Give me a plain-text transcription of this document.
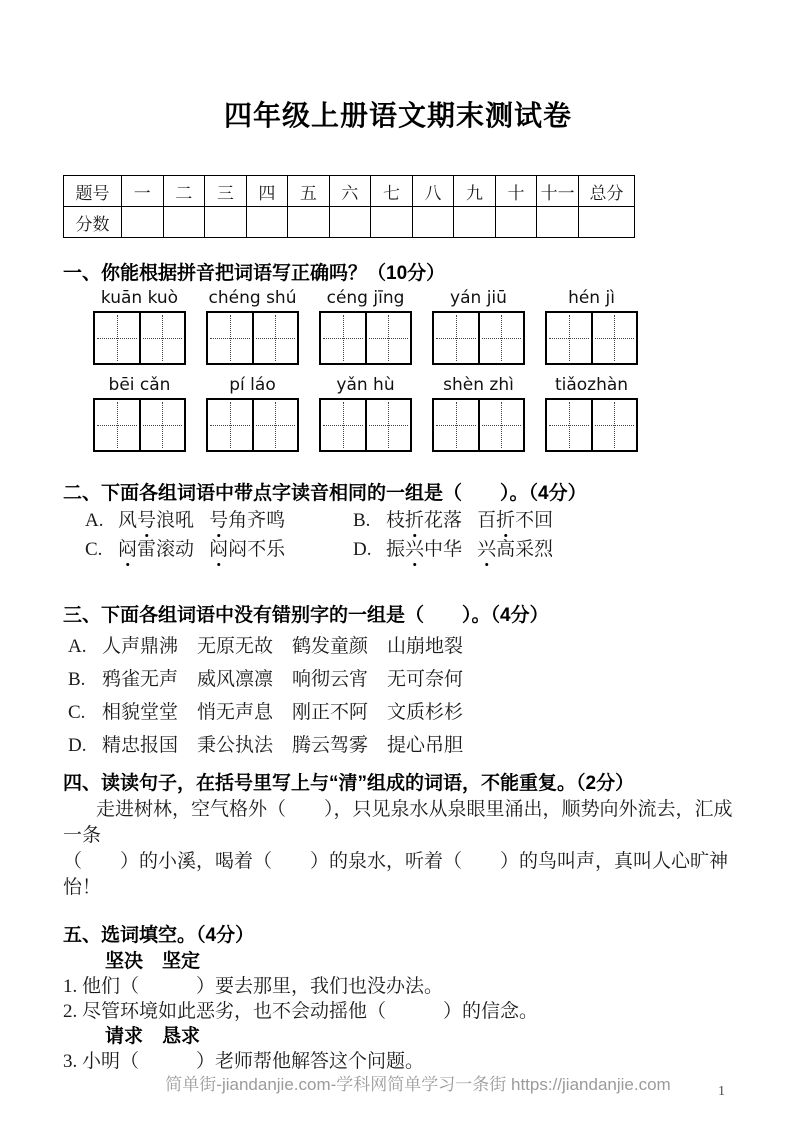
四年级上册语文期末测试卷
题号	一	二	三	四	五	六	七	八	九	十	十一	总分
分数												
一、你能根据拼音把词语写正确吗？（10分）
kuān kuò	chéng shú	céng jīng	yán jiū	hén jì
bēi cǎn	pí láo	yǎn hù	shèn zhì	tiǎozhàn
二、下面各组词语中带点字读音相同的一组是（　　）。（4分）
A. 风号浪吼 号角齐鸣	B. 枝折花落 百折不回
C. 闷雷滚动 闷闷不乐	D. 振兴中华 兴高采烈
三、下面各组词语中没有错别字的一组是（　　）。（4分）
A. 人声鼎沸 无原无故 鹤发童颜 山崩地裂
B. 鸦雀无声 威风凛凛 响彻云宵 无可奈何
C. 相貌堂堂 悄无声息 刚正不阿 文质杉杉
D. 精忠报国 秉公执法 腾云驾雾 提心吊胆
四、读读句子，在括号里写上与“清”组成的词语，不能重复。（2分）

走进树林，空气格外（　　），只见泉水从泉眼里涌出，顺势向外流去，汇成一条

（　　）的小溪，喝着（　　）的泉水，听着（　　）的鸟叫声，真叫人心旷神怡！

五、选词填空。（4分）

坚决　坚定

1. 他们（　　　）要去那里，我们也没办法。

2. 尽管环境如此恶劣，也不会动摇他（　　　）的信念。

请求　恳求

3. 小明（　　　）老师帮他解答这个问题。

简单街-jiandanjie.com-学科网简单学习一条街 https://jiandanjie.com	1
